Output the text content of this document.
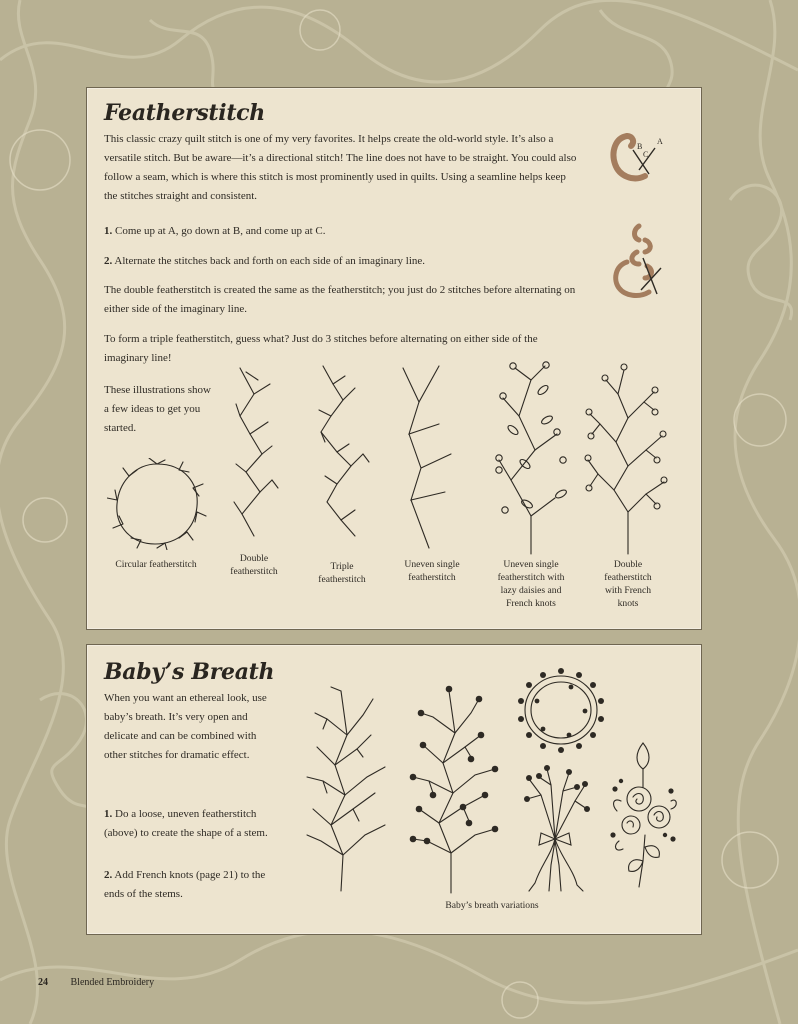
Featherstitch

This classic crazy quilt stitch is one of my very favorites. It helps create the old-world style. It’s also a versatile stitch. But be aware—it’s a directional stitch! The line does not have to be straight. You could also follow a seam, which is where this stitch is most prominently used in quilts. Using a seamline helps keep the stitches straight and consistent.

1. Come up at A, go down at B, and come up at C.

2. Alternate the stitches back and forth on each side of an imaginary line.

The double featherstitch is created the same as the featherstitch; you just do 2 stitches before alternating on either side of the imaginary line.

To form a triple featherstitch, guess what? Just do 3 stitches before alternating on either side of the imaginary line!

These illustrations show a few ideas to get you started.

B
A
C
Circular featherstitch
Double
featherstitch	Triple
featherstitch
Uneven single
featherstitch
Uneven single
featherstitch with
lazy daisies and
French knots
Double
featherstitch
with French
knots
Baby’s Breath

When you want an ethereal look, use baby’s breath. It’s very open and delicate and can be combined with other stitches for dramatic effect.

1. Do a loose, uneven featherstitch (above) to create the shape of a stem.

2. Add French knots (page 21) to the ends of the stems.

Baby’s breath variations
24 Blended Embroidery
